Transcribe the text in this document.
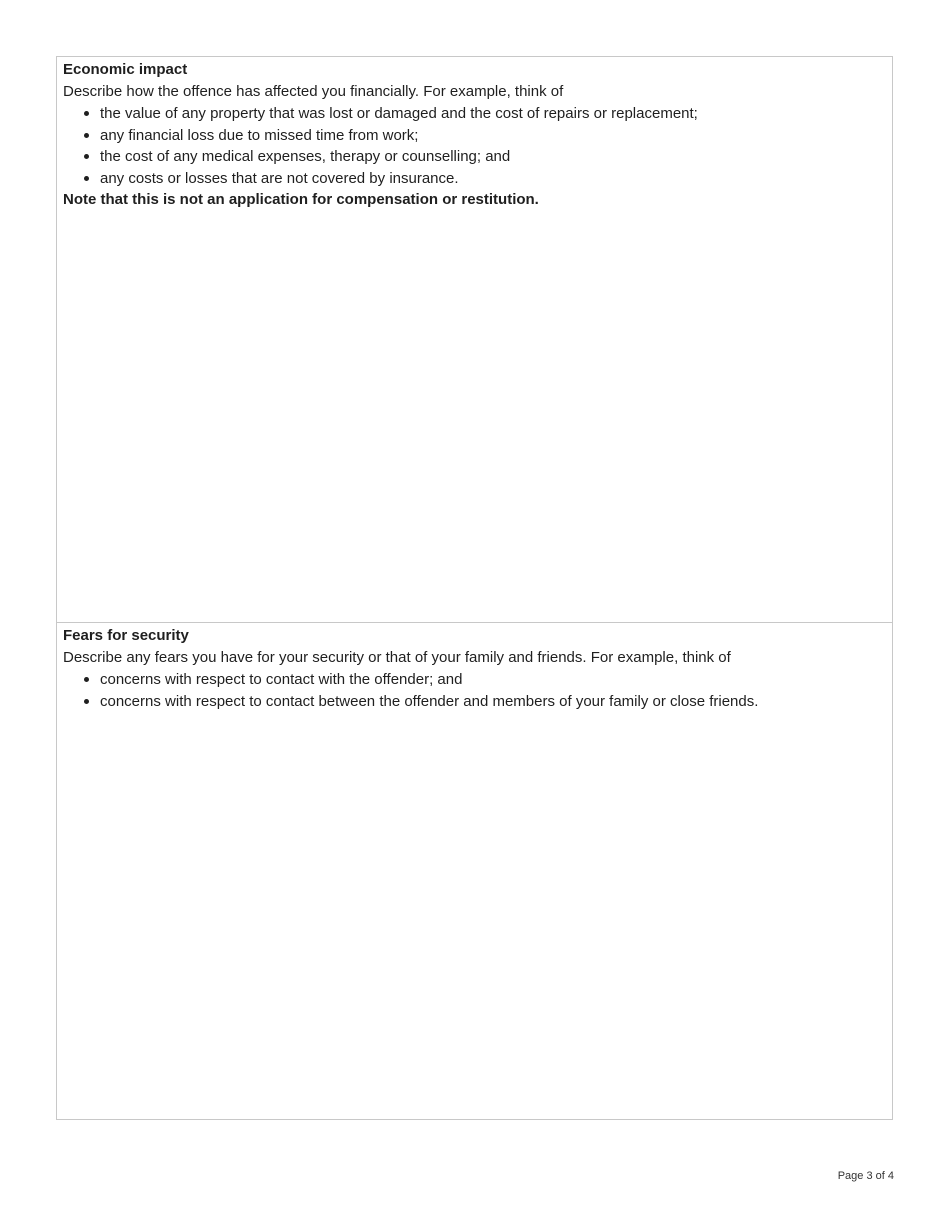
Economic impact

Describe how the offence has affected you financially. For example, think of

the value of any property that was lost or damaged and the cost of repairs or replacement;
any financial loss due to missed time from work;
the cost of any medical expenses, therapy or counselling; and
any costs or losses that are not covered by insurance.

Note that this is not an application for compensation or restitution.

Fears for security

Describe any fears you have for your security or that of your family and friends. For example, think of

concerns with respect to contact with the offender; and
concerns with respect to contact between the offender and members of your family or close friends.
Page 3 of 4
